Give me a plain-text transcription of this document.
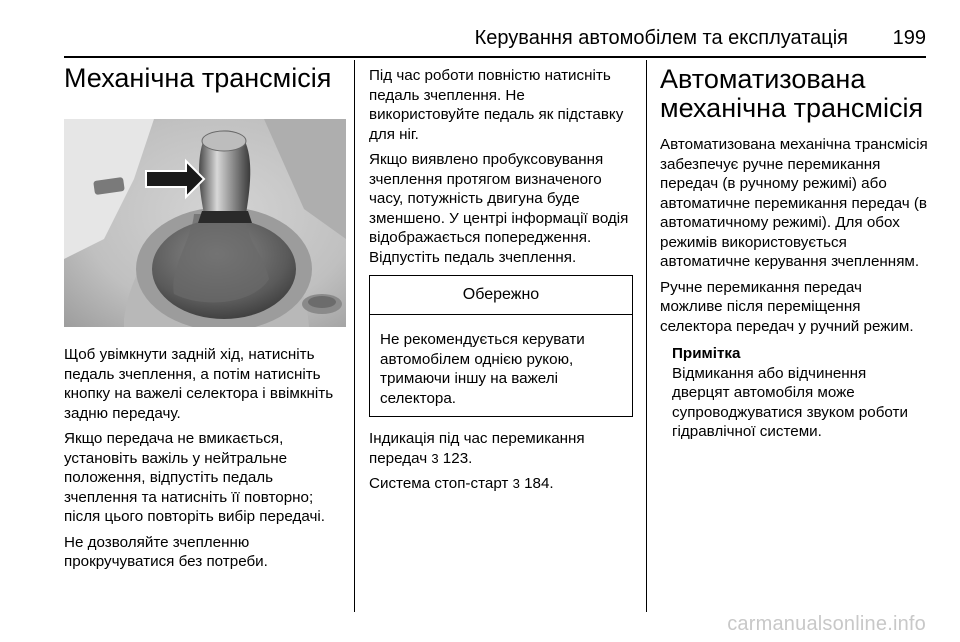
Керування автомобілем та експлуатація 199
Механічна трансмісія

Щоб увімкнути задній хід, натисніть педаль зчеплення, а потім натисніть кнопку на важелі селектора і ввімкніть задню передачу.

Якщо передача не вмикається, установіть важіль у нейтральне положення, відпустіть педаль зчеплення та натисніть її повторно; після цього повторіть вибір передачі.

Не дозволяйте зчепленню прокручуватися без потреби.

Під час роботи повністю натисніть педаль зчеплення. Не використовуйте педаль як підставку для ніг.

Якщо виявлено пробуксовування зчеплення протягом визначеного часу, потужність двигуна буде зменшено. У центрі інформації водія відображається попередження. Відпустіть педаль зчеплення.

Обережно

Не рекомендується керувати автомобілем однією рукою, тримаючи іншу на важелі селектора.

Індикація під час перемикання передач 3 123.

Система стоп-старт 3 184.

Автоматизована механічна трансмісія

Автоматизована механічна трансмісія забезпечує ручне перемикання передач (в ручному режимі) або автоматичне перемикання передач (в автоматичному режимі). Для обох режимів використовується автоматичне керування зчепленням.

Ручне перемикання передач можливе після переміщення селектора передач у ручний режим.

Примітка

Відмикання або відчинення дверцят автомобіля може супроводжуватися звуком роботи гідравлічної системи.

carmanualsonline.info
